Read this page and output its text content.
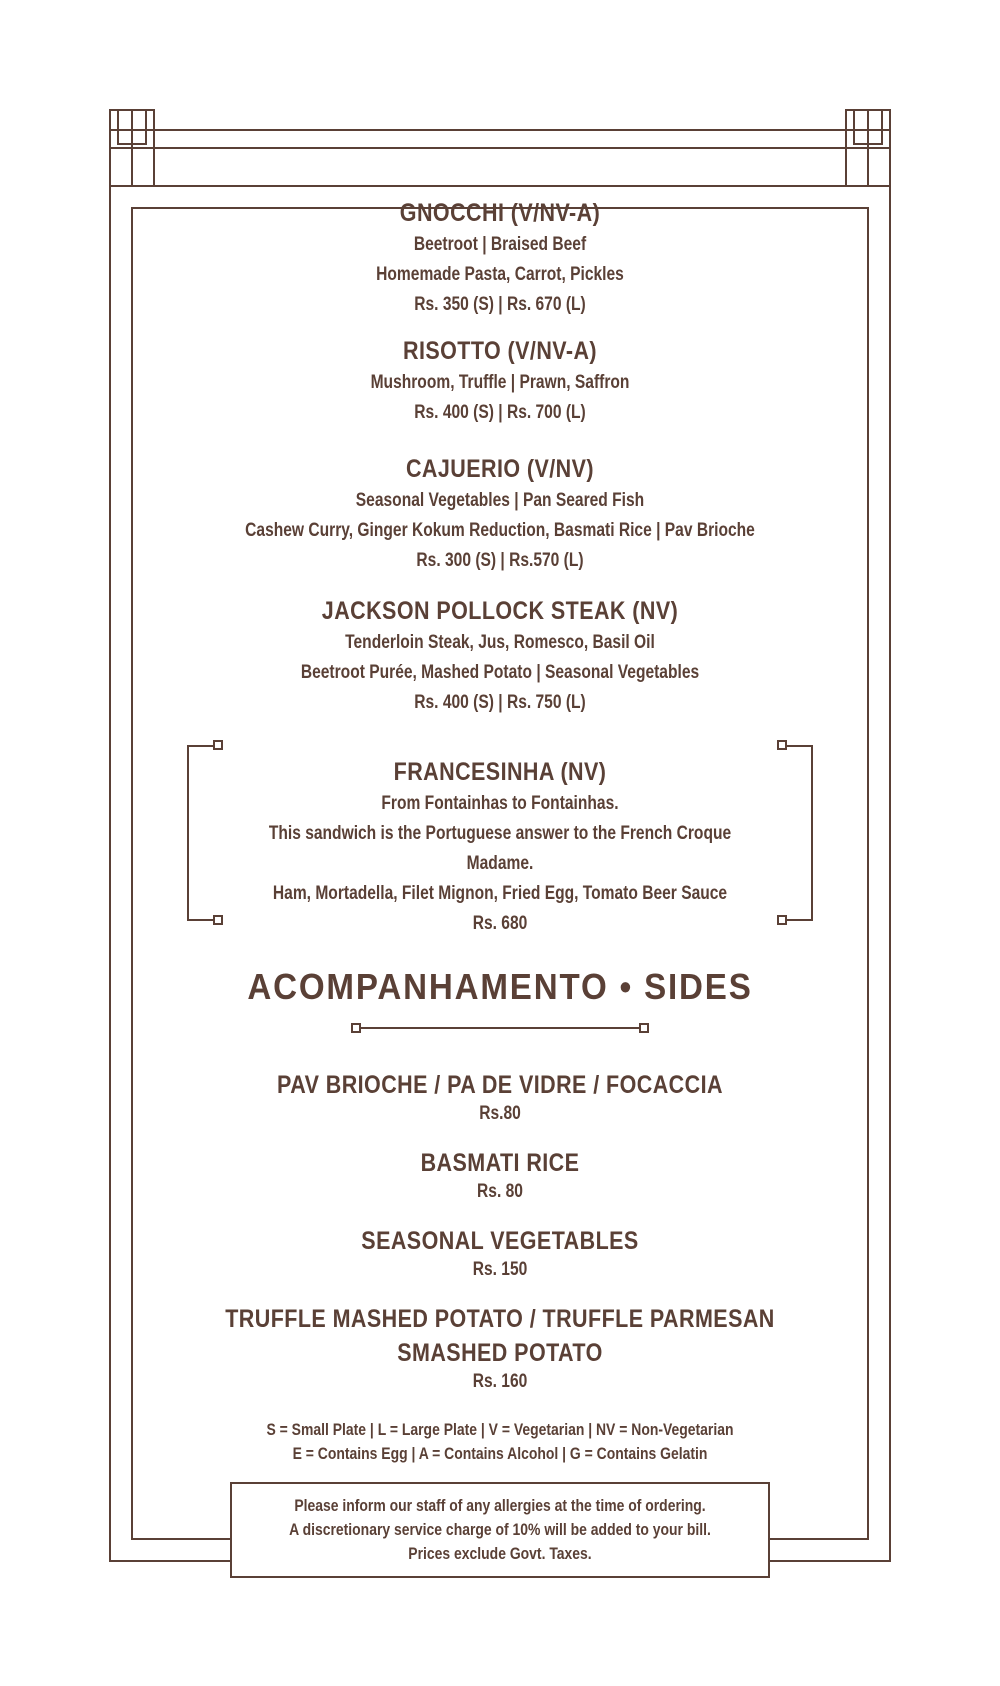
GNOCCHI (V/NV-A)
Beetroot | Braised Beef
Homemade Pasta, Carrot, Pickles
Rs. 350 (S) | Rs. 670 (L)
RISOTTO (V/NV-A)
Mushroom, Truffle | Prawn, Saffron
Rs. 400 (S) | Rs. 700 (L)
CAJUERIO (V/NV)
Seasonal Vegetables | Pan Seared Fish
Cashew Curry, Ginger Kokum Reduction, Basmati Rice | Pav Brioche
Rs. 300 (S) | Rs.570 (L)
JACKSON POLLOCK STEAK (NV)
Tenderloin Steak, Jus, Romesco, Basil Oil
Beetroot Purée, Mashed Potato | Seasonal Vegetables
Rs. 400 (S) | Rs. 750 (L)
FRANCESINHA (NV)
From Fontainhas to Fontainhas.
This sandwich is the Portuguese answer to the French Croque Madame.
Ham, Mortadella, Filet Mignon, Fried Egg, Tomato Beer Sauce
Rs. 680
ACOMPANHAMENTO • SIDES
PAV BRIOCHE / PA DE VIDRE / FOCACCIA
Rs.80
BASMATI RICE
Rs. 80
SEASONAL VEGETABLES
Rs. 150
TRUFFLE MASHED POTATO / TRUFFLE PARMESAN SMASHED POTATO
Rs. 160
S = Small Plate | L = Large Plate | V = Vegetarian | NV = Non-Vegetarian
E = Contains Egg | A = Contains Alcohol | G = Contains Gelatin
Please inform our staff of any allergies at the time of ordering.
A discretionary service charge of 10% will be added to your bill.
Prices exclude Govt. Taxes.
